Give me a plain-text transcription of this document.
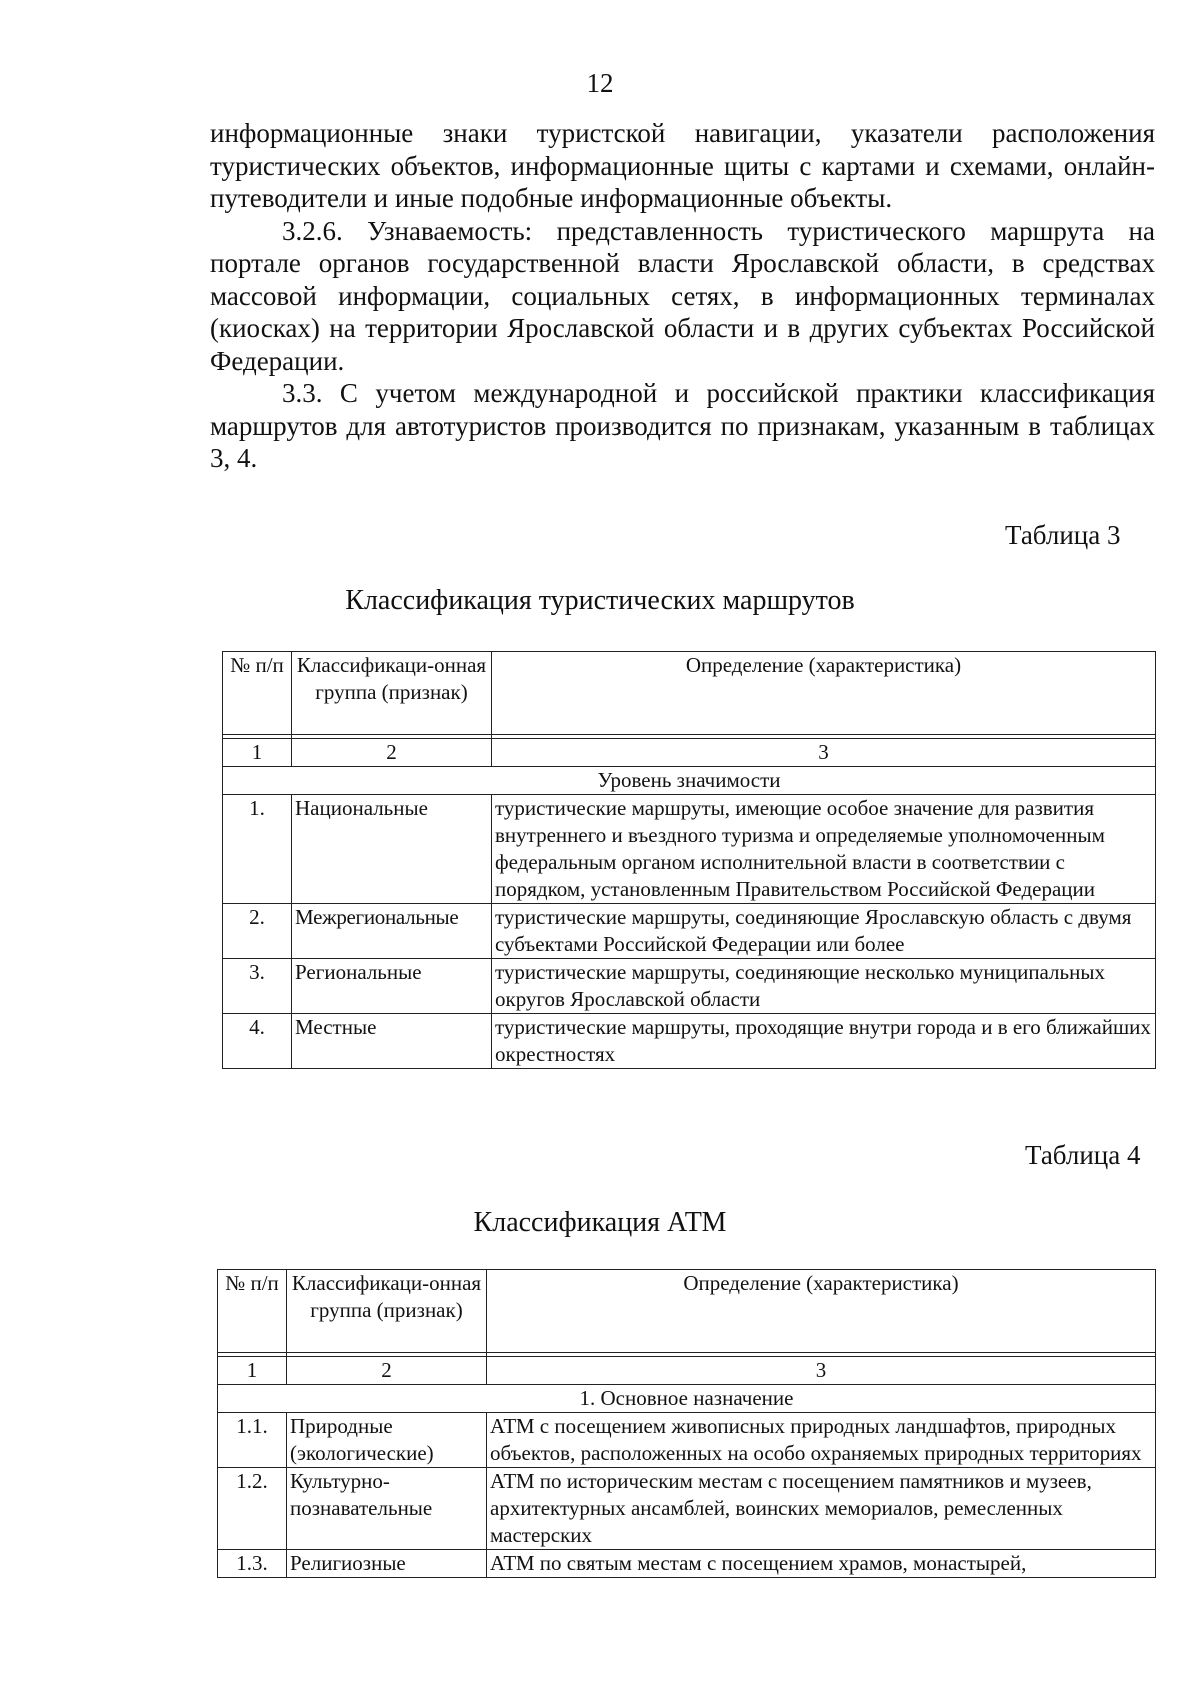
12

информационные знаки туристской навигации, указатели расположения туристических объектов, информационные щиты с картами и схемами, онлайн-путеводители и иные подобные информационные объекты.

3.2.6. Узнаваемость: представленность туристического маршрута на портале органов государственной власти Ярославской области, в средствах массовой информации, социальных сетях, в информационных терминалах (киосках) на территории Ярославской области и в других субъектах Российской Федерации.

3.3. С учетом международной и российской практики классификация маршрутов для автотуристов производится по признакам, указанным в таблицах 3, 4.

Таблица 3
Классификация туристических маршрутов
№ п/п	Классификаци-онная группа (признак)	Определение (характеристика)

1	2	3
Уровень значимости		
1.	Национальные	туристические маршруты, имеющие особое значение для развития внутреннего и въездного туризма и определяемые уполномоченным федеральным органом исполнительной власти в соответствии с порядком, установленным Правительством Российской Федерации
2.	Межрегиональные	туристические маршруты, соединяющие Ярославскую область с двумя субъектами Российской Федерации или более
3.	Региональные	туристические маршруты, соединяющие несколько муниципальных округов Ярославской области
4.	Местные	туристические маршруты, проходящие внутри города и в его ближайших окрестностях
Таблица 4
Классификация АТМ
№ п/п	Классификаци-онная группа (признак)	Определение (характеристика)

1	2	3
1. Основное назначение		
1.1.	Природные (экологические)	АТМ с посещением живописных природных ландшафтов, природных объектов, расположенных на особо охраняемых природных территориях
1.2.	Культурно-познавательные	АТМ по историческим местам с посещением памятников и музеев, архитектурных ансамблей, воинских мемориалов, ремесленных мастерских
1.3.	Религиозные	АТМ по святым местам с посещением храмов, монастырей,
